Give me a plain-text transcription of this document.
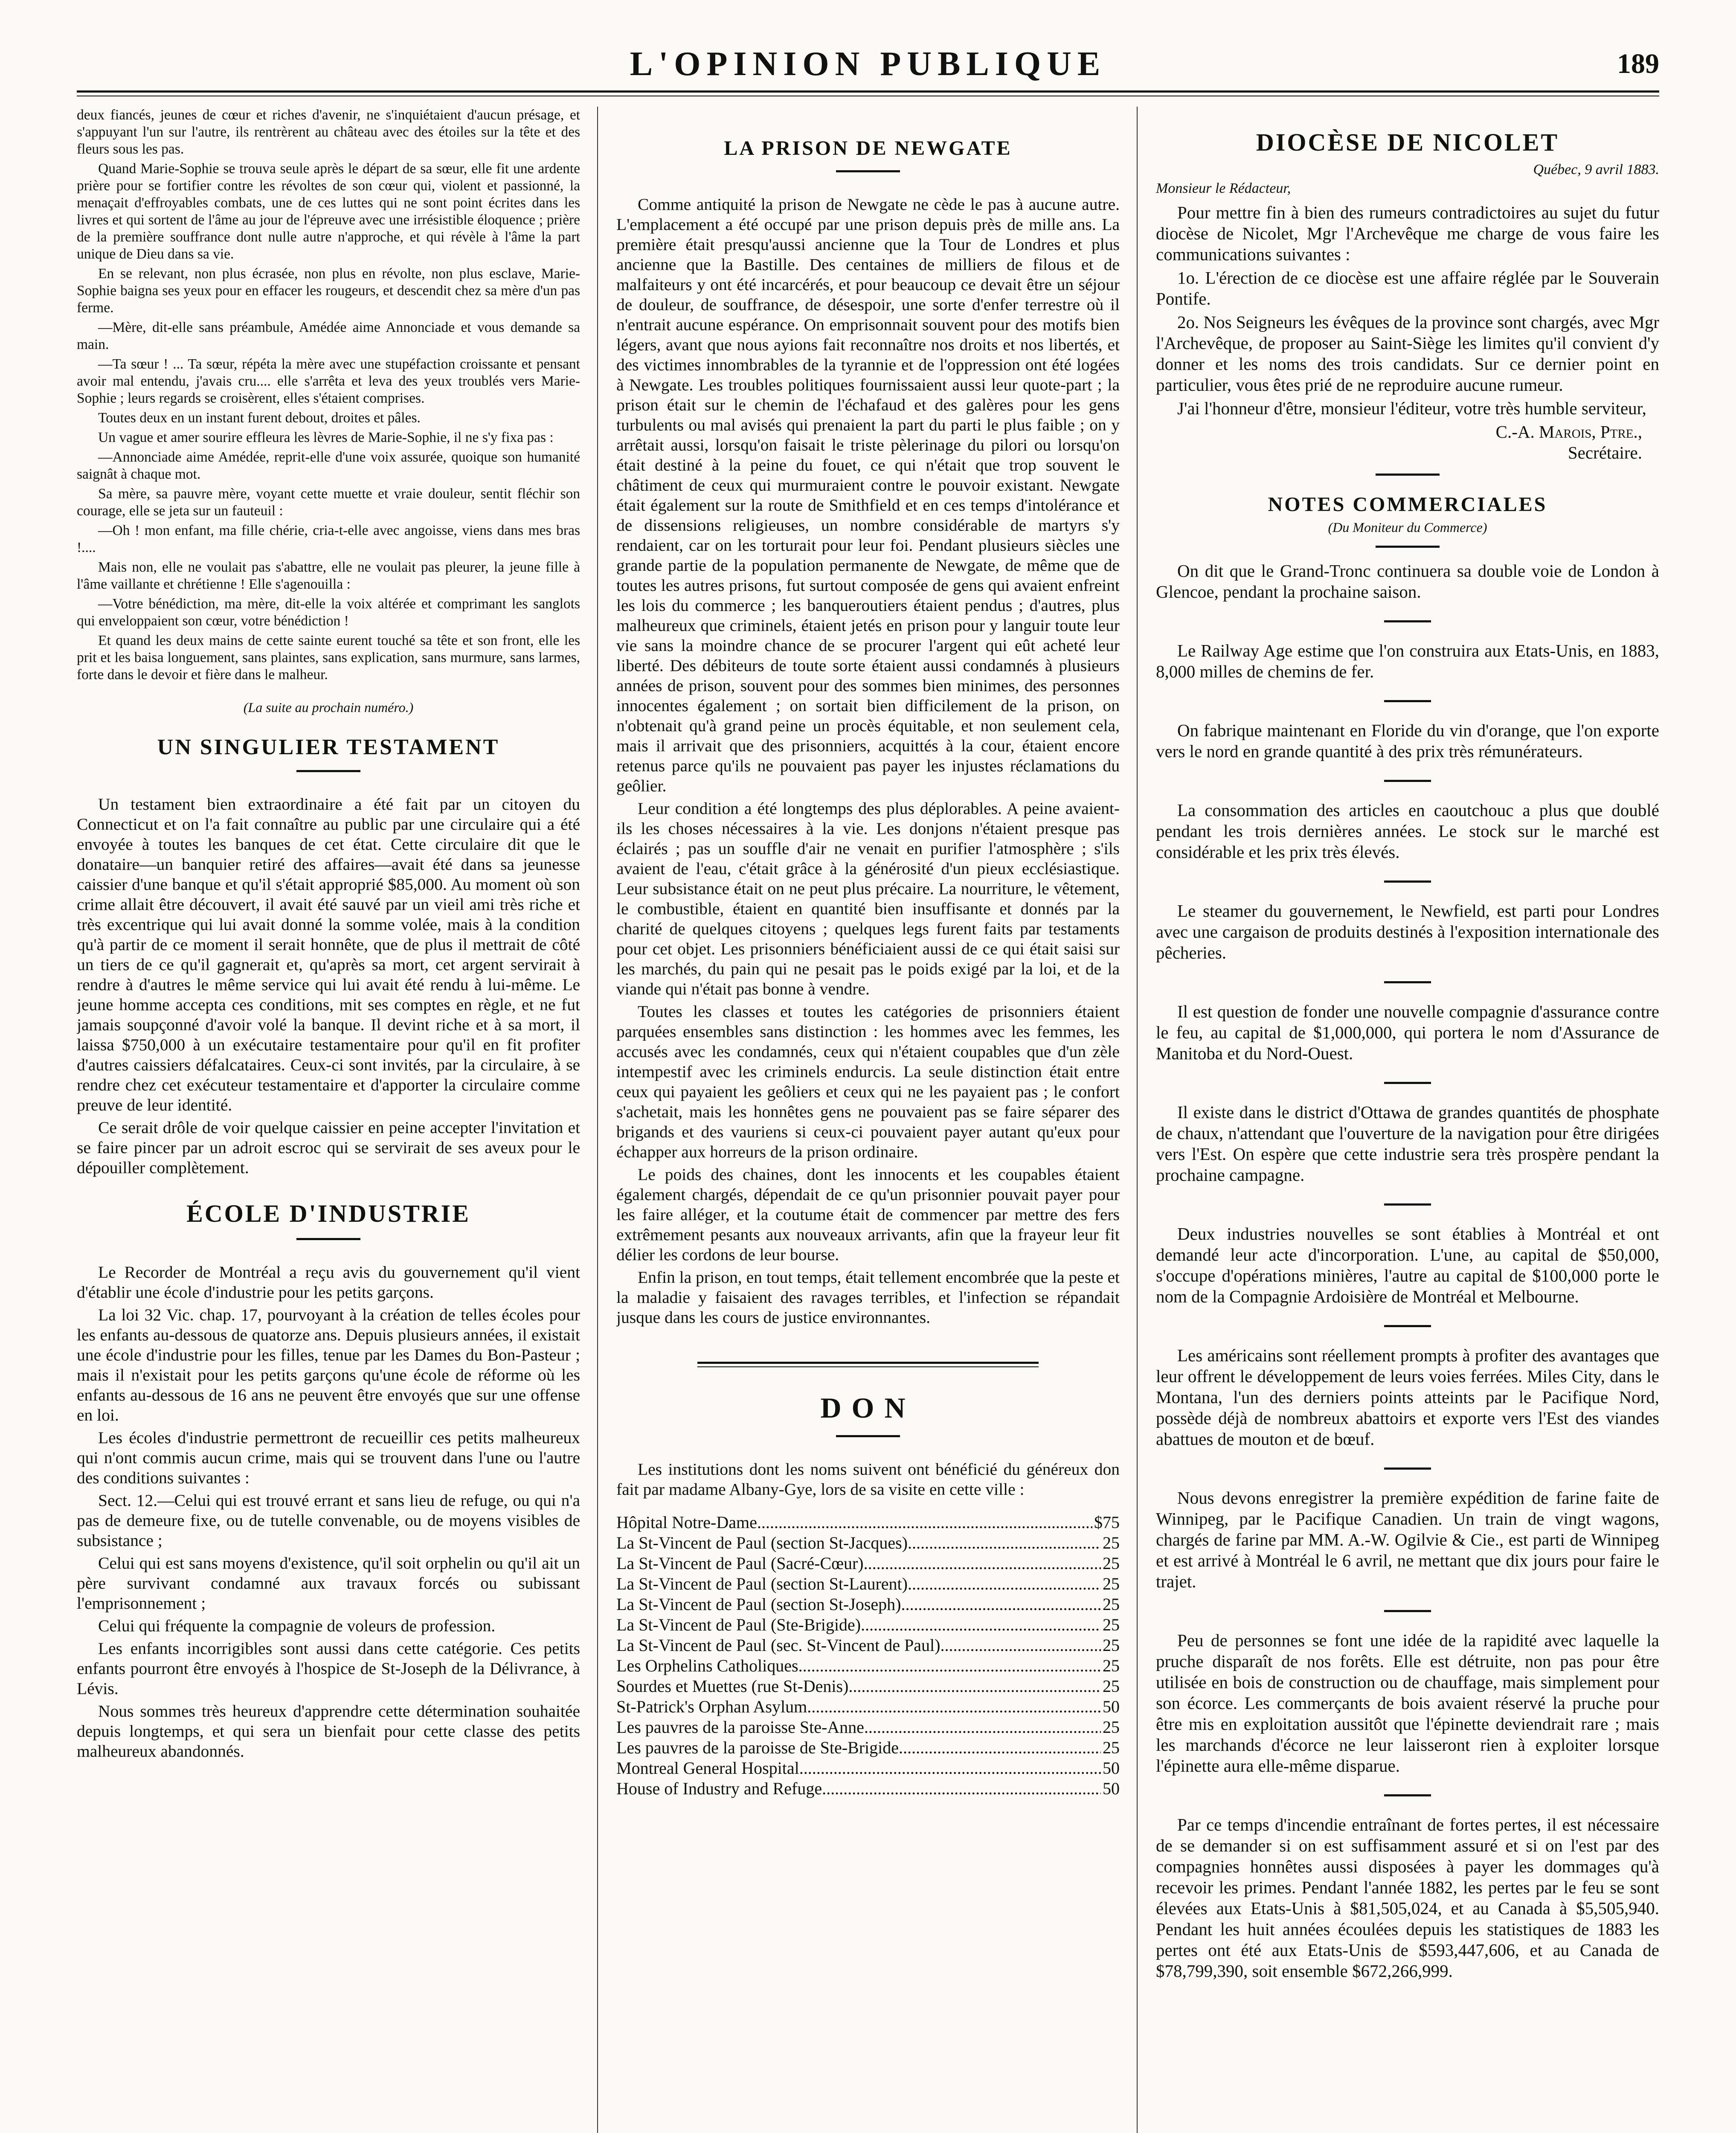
L'OPINION PUBLIQUE	189

deux fiancés, jeunes de cœur et riches d'avenir, ne s'inquiétaient d'aucun présage, et s'appuyant l'un sur l'autre, ils rentrèrent au château avec des étoiles sur la tête et des fleurs sous les pas.

Quand Marie-Sophie se trouva seule après le départ de sa sœur, elle fit une ardente prière pour se fortifier contre les révoltes de son cœur qui, violent et passionné, la menaçait d'effroyables combats, une de ces luttes qui ne sont point écrites dans les livres et qui sortent de l'âme au jour de l'épreuve avec une irrésistible éloquence ; prière de la première souffrance dont nulle autre n'approche, et qui révèle à l'âme la part unique de Dieu dans sa vie.

En se relevant, non plus écrasée, non plus en révolte, non plus esclave, Marie-Sophie baigna ses yeux pour en effacer les rougeurs, et descendit chez sa mère d'un pas ferme.

—Mère, dit-elle sans préambule, Amédée aime Annonciade et vous demande sa main.

—Ta sœur ! ... Ta sœur, répéta la mère avec une stupéfaction croissante et pensant avoir mal entendu, j'avais cru.... elle s'arrêta et leva des yeux troublés vers Marie-Sophie ; leurs regards se croisèrent, elles s'étaient comprises.

Toutes deux en un instant furent debout, droites et pâles.

Un vague et amer sourire effleura les lèvres de Marie-Sophie, il ne s'y fixa pas :

—Annonciade aime Amédée, reprit-elle d'une voix assurée, quoique son humanité saignât à chaque mot.

Sa mère, sa pauvre mère, voyant cette muette et vraie douleur, sentit fléchir son courage, elle se jeta sur un fauteuil :

—Oh ! mon enfant, ma fille chérie, cria-t-elle avec angoisse, viens dans mes bras !....

Mais non, elle ne voulait pas s'abattre, elle ne voulait pas pleurer, la jeune fille à l'âme vaillante et chrétienne ! Elle s'agenouilla :

—Votre bénédiction, ma mère, dit-elle la voix altérée et comprimant les sanglots qui enveloppaient son cœur, votre bénédiction !

Et quand les deux mains de cette sainte eurent touché sa tête et son front, elle les prit et les baisa longuement, sans plaintes, sans explication, sans murmure, sans larmes, forte dans le devoir et fière dans le malheur.

(La suite au prochain numéro.)
UN SINGULIER TESTAMENT

Un testament bien extraordinaire a été fait par un citoyen du Connecticut et on l'a fait connaître au public par une circulaire qui a été envoyée à toutes les banques de cet état. Cette circulaire dit que le donataire—un banquier retiré des affaires—avait été dans sa jeunesse caissier d'une banque et qu'il s'était approprié $85,000. Au moment où son crime allait être découvert, il avait été sauvé par un vieil ami très riche et très excentrique qui lui avait donné la somme volée, mais à la condition qu'à partir de ce moment il serait honnête, que de plus il mettrait de côté un tiers de ce qu'il gagnerait et, qu'après sa mort, cet argent servirait à rendre à d'autres le même service qui lui avait été rendu à lui-même. Le jeune homme accepta ces conditions, mit ses comptes en règle, et ne fut jamais soupçonné d'avoir volé la banque. Il devint riche et à sa mort, il laissa $750,000 à un exécutaire testamentaire pour qu'il en fit profiter d'autres caissiers défalcataires. Ceux-ci sont invités, par la circulaire, à se rendre chez cet exécuteur testamentaire et d'apporter la circulaire comme preuve de leur identité.

Ce serait drôle de voir quelque caissier en peine accepter l'invitation et se faire pincer par un adroit escroc qui se servirait de ses aveux pour le dépouiller complètement.

ÉCOLE D'INDUSTRIE

Le Recorder de Montréal a reçu avis du gouvernement qu'il vient d'établir une école d'industrie pour les petits garçons.

La loi 32 Vic. chap. 17, pourvoyant à la création de telles écoles pour les enfants au-dessous de quatorze ans. Depuis plusieurs années, il existait une école d'industrie pour les filles, tenue par les Dames du Bon-Pasteur ; mais il n'existait pour les petits garçons qu'une école de réforme où les enfants au-dessous de 16 ans ne peuvent être envoyés que sur une offense en loi.

Les écoles d'industrie permettront de recueillir ces petits malheureux qui n'ont commis aucun crime, mais qui se trouvent dans l'une ou l'autre des conditions suivantes :

Sect. 12.—Celui qui est trouvé errant et sans lieu de refuge, ou qui n'a pas de demeure fixe, ou de tutelle convenable, ou de moyens visibles de subsistance ;

Celui qui est sans moyens d'existence, qu'il soit orphelin ou qu'il ait un père survivant condamné aux travaux forcés ou subissant l'emprisonnement ;

Celui qui fréquente la compagnie de voleurs de profession.

Les enfants incorrigibles sont aussi dans cette catégorie. Ces petits enfants pourront être envoyés à l'hospice de St-Joseph de la Délivrance, à Lévis.

Nous sommes très heureux d'apprendre cette détermination souhaitée depuis longtemps, et qui sera un bienfait pour cette classe des petits malheureux abandonnés.

LA PRISON DE NEWGATE

Comme antiquité la prison de Newgate ne cède le pas à aucune autre. L'emplacement a été occupé par une prison depuis près de mille ans. La première était presqu'aussi ancienne que la Tour de Londres et plus ancienne que la Bastille. Des centaines de milliers de filous et de malfaiteurs y ont été incarcérés, et pour beaucoup ce devait être un séjour de douleur, de souffrance, de désespoir, une sorte d'enfer terrestre où il n'entrait aucune espérance. On emprisonnait souvent pour des motifs bien légers, avant que nous ayions fait reconnaître nos droits et nos libertés, et des victimes innombrables de la tyrannie et de l'oppression ont été logées à Newgate. Les troubles politiques fournissaient aussi leur quote-part ; la prison était sur le chemin de l'échafaud et des galères pour les gens turbulents ou mal avisés qui prenaient la part du parti le plus faible ; on y arrêtait aussi, lorsqu'on faisait le triste pèlerinage du pilori ou lorsqu'on était destiné à la peine du fouet, ce qui n'était que trop souvent le châtiment de ceux qui murmuraient contre le pouvoir existant. Newgate était également sur la route de Smithfield et en ces temps d'intolérance et de dissensions religieuses, un nombre considérable de martyrs s'y rendaient, car on les torturait pour leur foi. Pendant plusieurs siècles une grande partie de la population permanente de Newgate, de même que de toutes les autres prisons, fut surtout composée de gens qui avaient enfreint les lois du commerce ; les banqueroutiers étaient pendus ; d'autres, plus malheureux que criminels, étaient jetés en prison pour y languir toute leur vie sans la moindre chance de se procurer l'argent qui eût acheté leur liberté. Des débiteurs de toute sorte étaient aussi condamnés à plusieurs années de prison, souvent pour des sommes bien minimes, des personnes innocentes également ; on sortait bien difficilement de la prison, on n'obtenait qu'à grand peine un procès équitable, et non seulement cela, mais il arrivait que des prisonniers, acquittés à la cour, étaient encore retenus parce qu'ils ne pouvaient pas payer les injustes réclamations du geôlier.

Leur condition a été longtemps des plus déplorables. A peine avaient-ils les choses nécessaires à la vie. Les donjons n'étaient presque pas éclairés ; pas un souffle d'air ne venait en purifier l'atmosphère ; s'ils avaient de l'eau, c'était grâce à la générosité d'un pieux ecclésiastique. Leur subsistance était on ne peut plus précaire. La nourriture, le vêtement, le combustible, étaient en quantité bien insuffisante et donnés par la charité de quelques citoyens ; quelques legs furent faits par testaments pour cet objet. Les prisonniers bénéficiaient aussi de ce qui était saisi sur les marchés, du pain qui ne pesait pas le poids exigé par la loi, et de la viande qui n'était pas bonne à vendre.

Toutes les classes et toutes les catégories de prisonniers étaient parquées ensembles sans distinction : les hommes avec les femmes, les accusés avec les condamnés, ceux qui n'étaient coupables que d'un zèle intempestif avec les criminels endurcis. La seule distinction était entre ceux qui payaient les geôliers et ceux qui ne les payaient pas ; le confort s'achetait, mais les honnêtes gens ne pouvaient pas se faire séparer des brigands et des vauriens si ceux-ci pouvaient payer autant qu'eux pour échapper aux horreurs de la prison ordinaire.

Le poids des chaines, dont les innocents et les coupables étaient également chargés, dépendait de ce qu'un prisonnier pouvait payer pour les faire alléger, et la coutume était de commencer par mettre des fers extrêmement pesants aux nouveaux arrivants, afin que la frayeur leur fit délier les cordons de leur bourse.

Enfin la prison, en tout temps, était tellement encombrée que la peste et la maladie y faisaient des ravages terribles, et l'infection se répandait jusque dans les cours de justice environnantes.

DON

Les institutions dont les noms suivent ont bénéficié du généreux don fait par madame Albany-Gye, lors de sa visite en cette ville :

Hôpital Notre-Dame .....	$75
La St-Vincent de Paul (section St-Jacques) .....	25
La St-Vincent de Paul (Sacré-Cœur) .....	25
La St-Vincent de Paul (section St-Laurent) .....	25
La St-Vincent de Paul (section St-Joseph) .....	25
La St-Vincent de Paul (Ste-Brigide) .....	25
La St-Vincent de Paul (sec. St-Vincent de Paul) .....	25
Les Orphelins Catholiques .....	25
Sourdes et Muettes (rue St-Denis) .....	25
St-Patrick's Orphan Asylum .....	50
Les pauvres de la paroisse Ste-Anne .....	25
Les pauvres de la paroisse de Ste-Brigide .....	25
Montreal General Hospital .....	50
House of Industry and Refuge .....	50
DIOCÈSE DE NICOLET
Québec, 9 avril 1883.

Monsieur le Rédacteur,

Pour mettre fin à bien des rumeurs contradictoires au sujet du futur diocèse de Nicolet, Mgr l'Archevêque me charge de vous faire les communications suivantes :

1o. L'érection de ce diocèse est une affaire réglée par le Souverain Pontife.

2o. Nos Seigneurs les évêques de la province sont chargés, avec Mgr l'Archevêque, de proposer au Saint-Siège les limites qu'il convient d'y donner et les noms des trois candidats. Sur ce dernier point en particulier, vous êtes prié de ne reproduire aucune rumeur.

J'ai l'honneur d'être, monsieur l'éditeur, votre très humble serviteur,

C.-A. Marois, Ptre.,

Secrétaire.

NOTES COMMERCIALES
(Du Moniteur du Commerce)

On dit que le Grand-Tronc continuera sa double voie de London à Glencoe, pendant la prochaine saison.

Le Railway Age estime que l'on construira aux Etats-Unis, en 1883, 8,000 milles de chemins de fer.

On fabrique maintenant en Floride du vin d'orange, que l'on exporte vers le nord en grande quantité à des prix très rémunérateurs.

La consommation des articles en caoutchouc a plus que doublé pendant les trois dernières années. Le stock sur le marché est considérable et les prix très élevés.

Le steamer du gouvernement, le Newfield, est parti pour Londres avec une cargaison de produits destinés à l'exposition internationale des pêcheries.

Il est question de fonder une nouvelle compagnie d'assurance contre le feu, au capital de $1,000,000, qui portera le nom d'Assurance de Manitoba et du Nord-Ouest.

Il existe dans le district d'Ottawa de grandes quantités de phosphate de chaux, n'attendant que l'ouverture de la navigation pour être dirigées vers l'Est. On espère que cette industrie sera très prospère pendant la prochaine campagne.

Deux industries nouvelles se sont établies à Montréal et ont demandé leur acte d'incorporation. L'une, au capital de $50,000, s'occupe d'opérations minières, l'autre au capital de $100,000 porte le nom de la Compagnie Ardoisière de Montréal et Melbourne.

Les américains sont réellement prompts à profiter des avantages que leur offrent le développement de leurs voies ferrées. Miles City, dans le Montana, l'un des derniers points atteints par le Pacifique Nord, possède déjà de nombreux abattoirs et exporte vers l'Est des viandes abattues de mouton et de bœuf.

Nous devons enregistrer la première expédition de farine faite de Winnipeg, par le Pacifique Canadien. Un train de vingt wagons, chargés de farine par MM. A.-W. Ogilvie & Cie., est parti de Winnipeg et est arrivé à Montréal le 6 avril, ne mettant que dix jours pour faire le trajet.

Peu de personnes se font une idée de la rapidité avec laquelle la pruche disparaît de nos forêts. Elle est détruite, non pas pour être utilisée en bois de construction ou de chauffage, mais simplement pour son écorce. Les commerçants de bois avaient réservé la pruche pour être mis en exploitation aussitôt que l'épinette deviendrait rare ; mais les marchands d'écorce ne leur laisseront rien à exploiter lorsque l'épinette aura elle-même disparue.

Par ce temps d'incendie entraînant de fortes pertes, il est nécessaire de se demander si on est suffisamment assuré et si on l'est par des compagnies honnêtes aussi disposées à payer les dommages qu'à recevoir les primes. Pendant l'année 1882, les pertes par le feu se sont élevées aux Etats-Unis à $81,505,024, et au Canada à $5,505,940. Pendant les huit années écoulées depuis les statistiques de 1883 les pertes ont été aux Etats-Unis de $593,447,606, et au Canada de $78,799,390, soit ensemble $672,266,999.
